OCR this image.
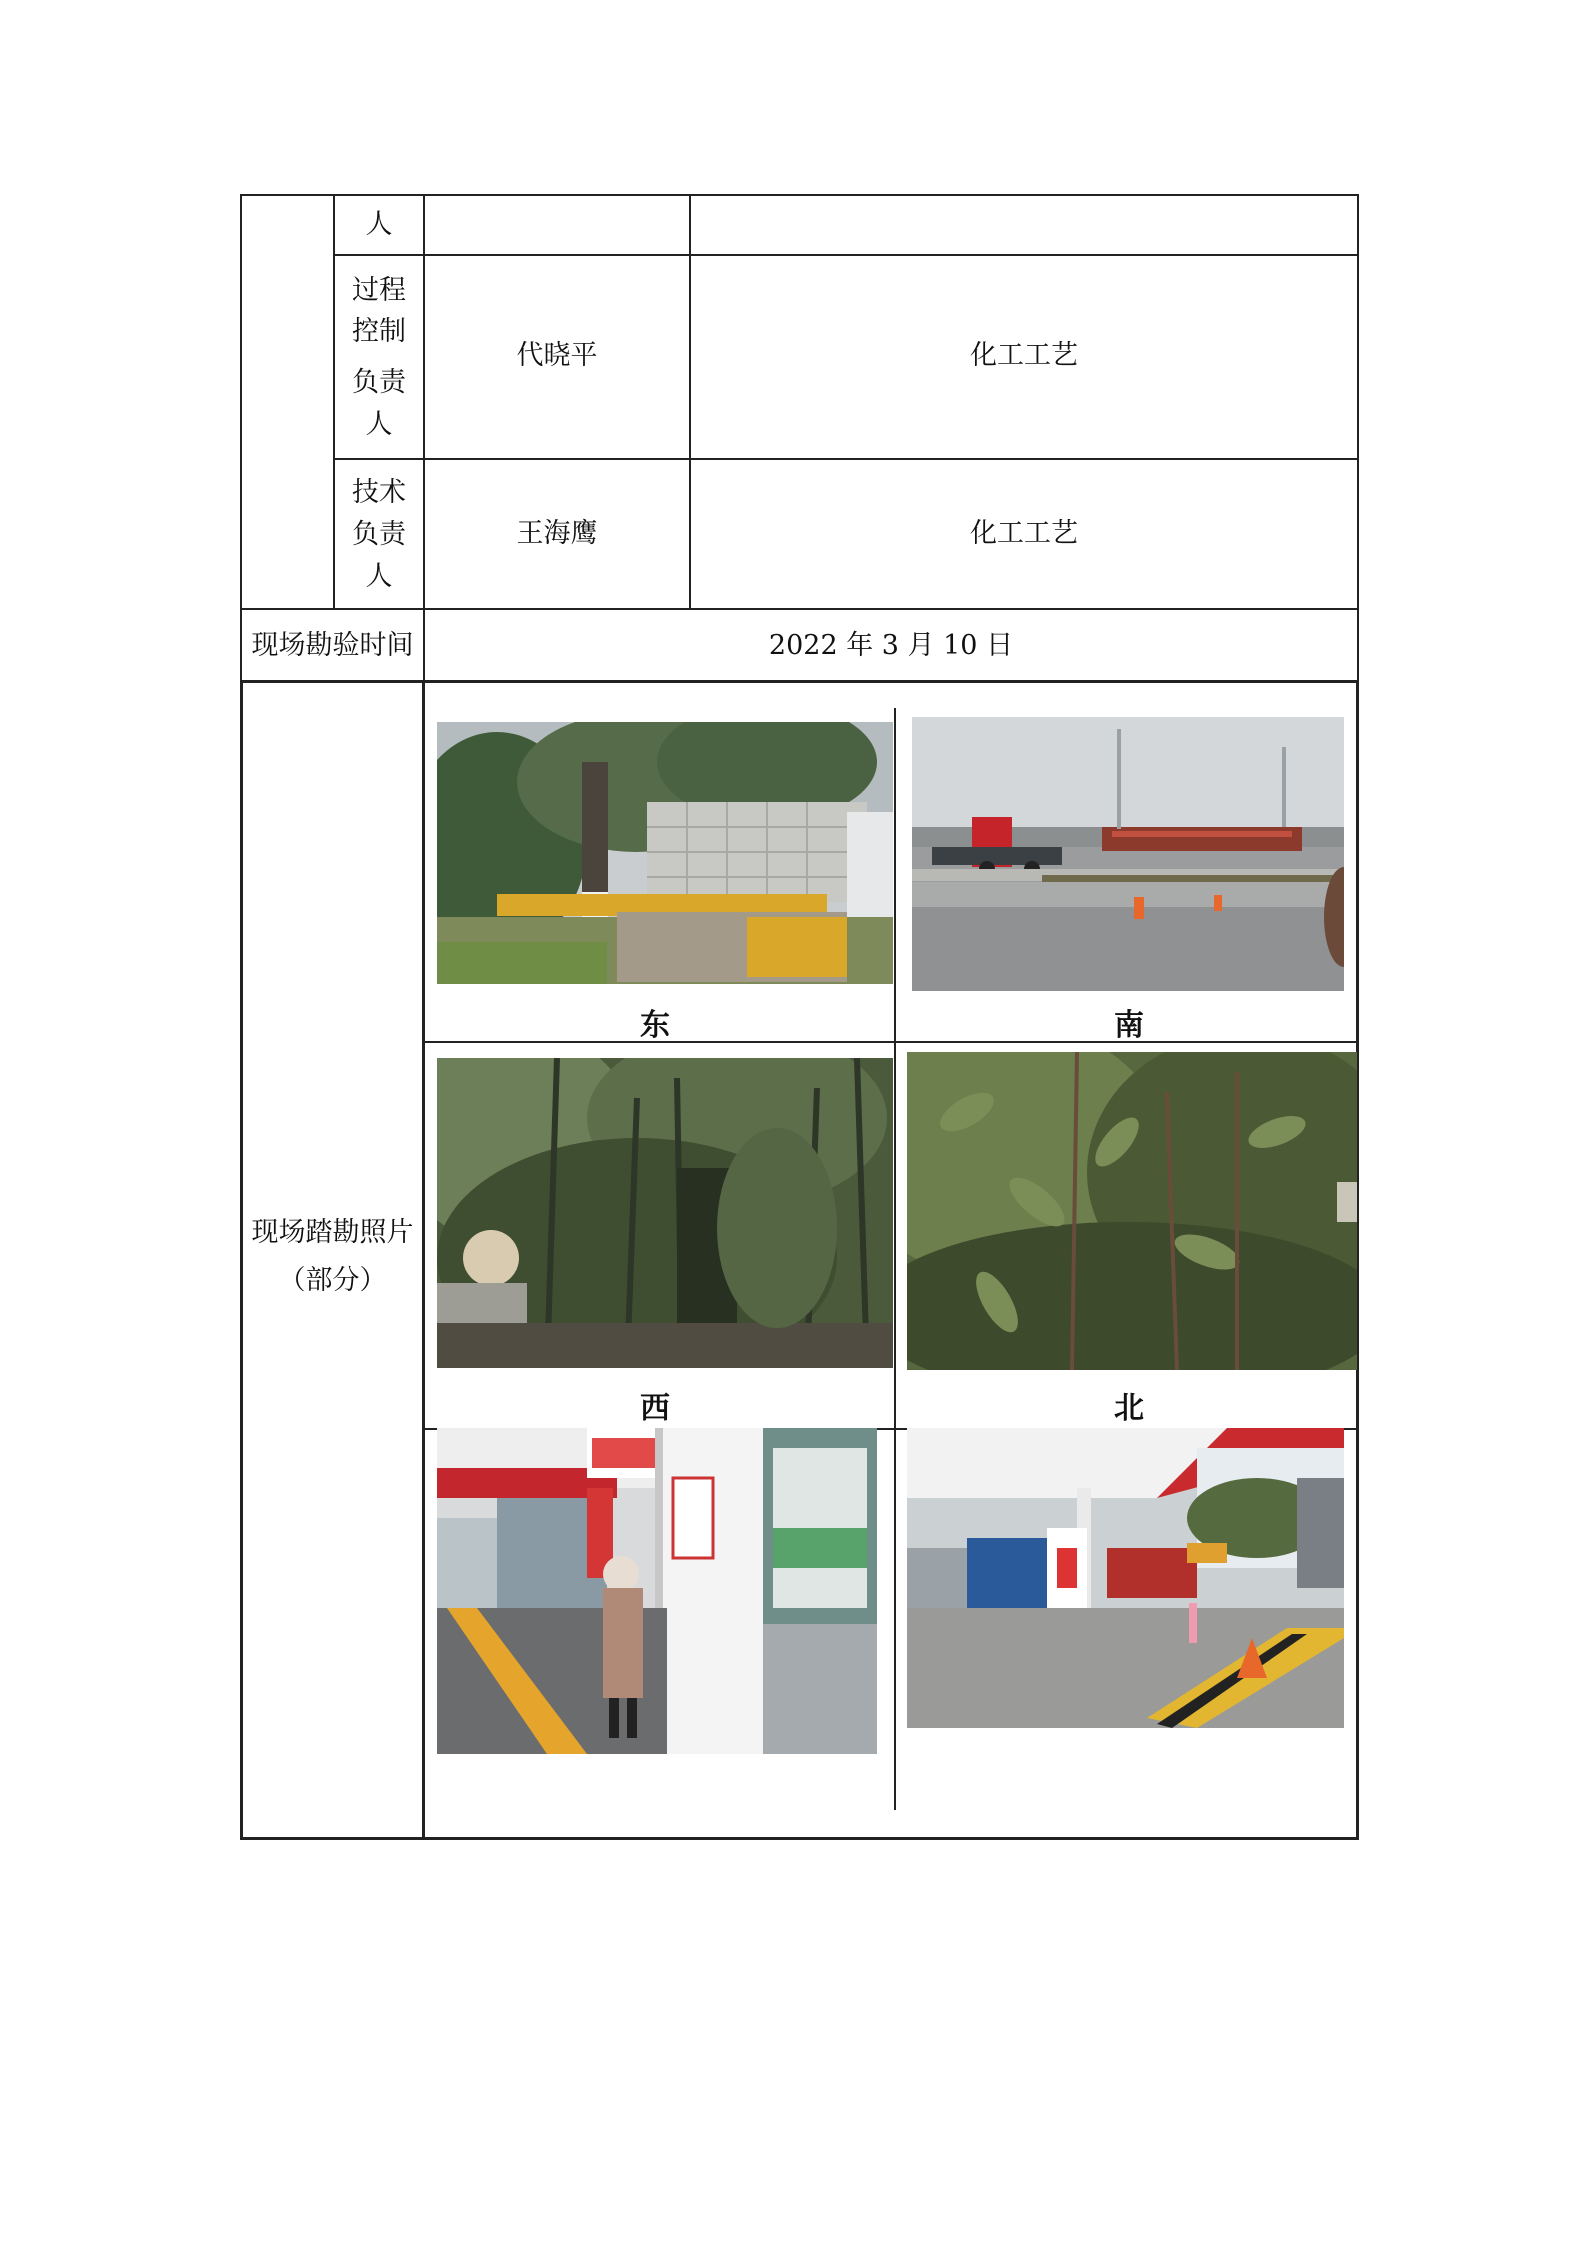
人
过程
控制
负责
人
代晓平	化工工艺
技术
负责
人
王海鹰	化工工艺
现场勘验时间	2022 年 3 月 10 日
现场踏勘照片
（部分）
东	南
西	北
